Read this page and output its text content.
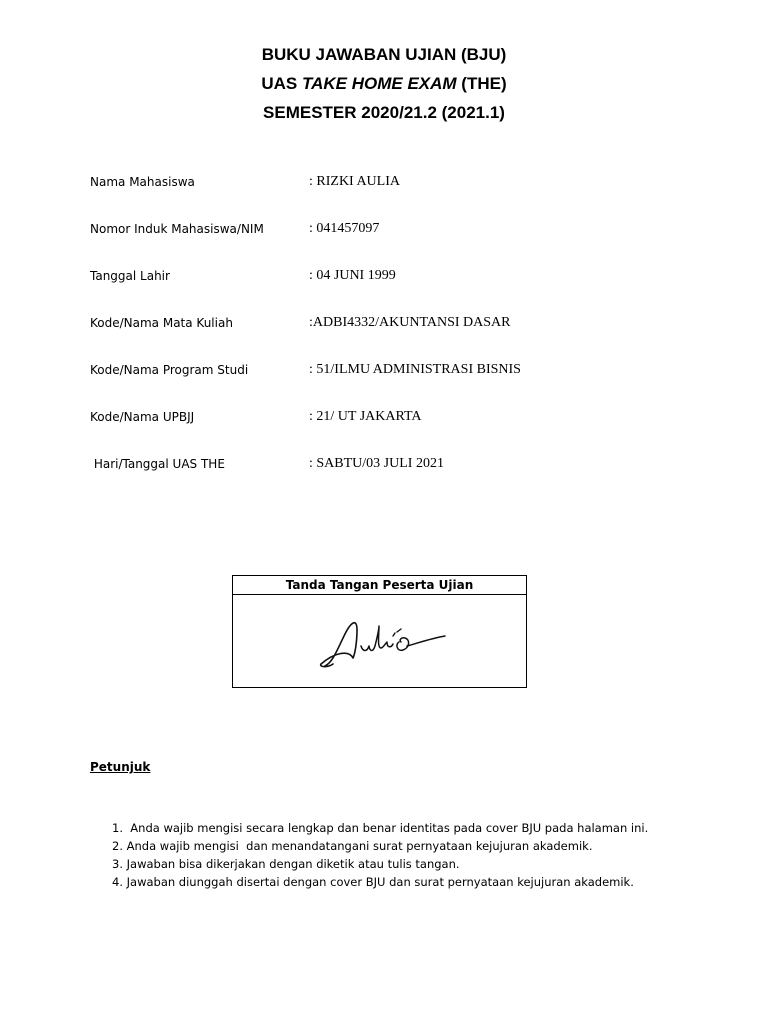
BUKU JAWABAN UJIAN (BJU)
UAS TAKE HOME EXAM (THE)
SEMESTER 2020/21.2 (2021.1)
Nama Mahasiswa	: RIZKI AULIA
Nomor Induk Mahasiswa/NIM	: 041457097
Tanggal Lahir	: 04 JUNI 1999
Kode/Nama Mata Kuliah	:ADBI4332/AKUNTANSI DASAR
Kode/Nama Program Studi	: 51/ILMU ADMINISTRASI BISNIS
Kode/Nama UPBJJ	: 21/ UT JAKARTA
Hari/Tanggal UAS THE	: SABTU/03 JULI 2021
Tanda Tangan Peserta Ujian
Petunjuk
1.  Anda wajib mengisi secara lengkap dan benar identitas pada cover BJU pada halaman ini.
2. Anda wajib mengisi  dan menandatangani surat pernyataan kejujuran akademik.
3. Jawaban bisa dikerjakan dengan diketik atau tulis tangan.
4. Jawaban diunggah disertai dengan cover BJU dan surat pernyataan kejujuran akademik.
